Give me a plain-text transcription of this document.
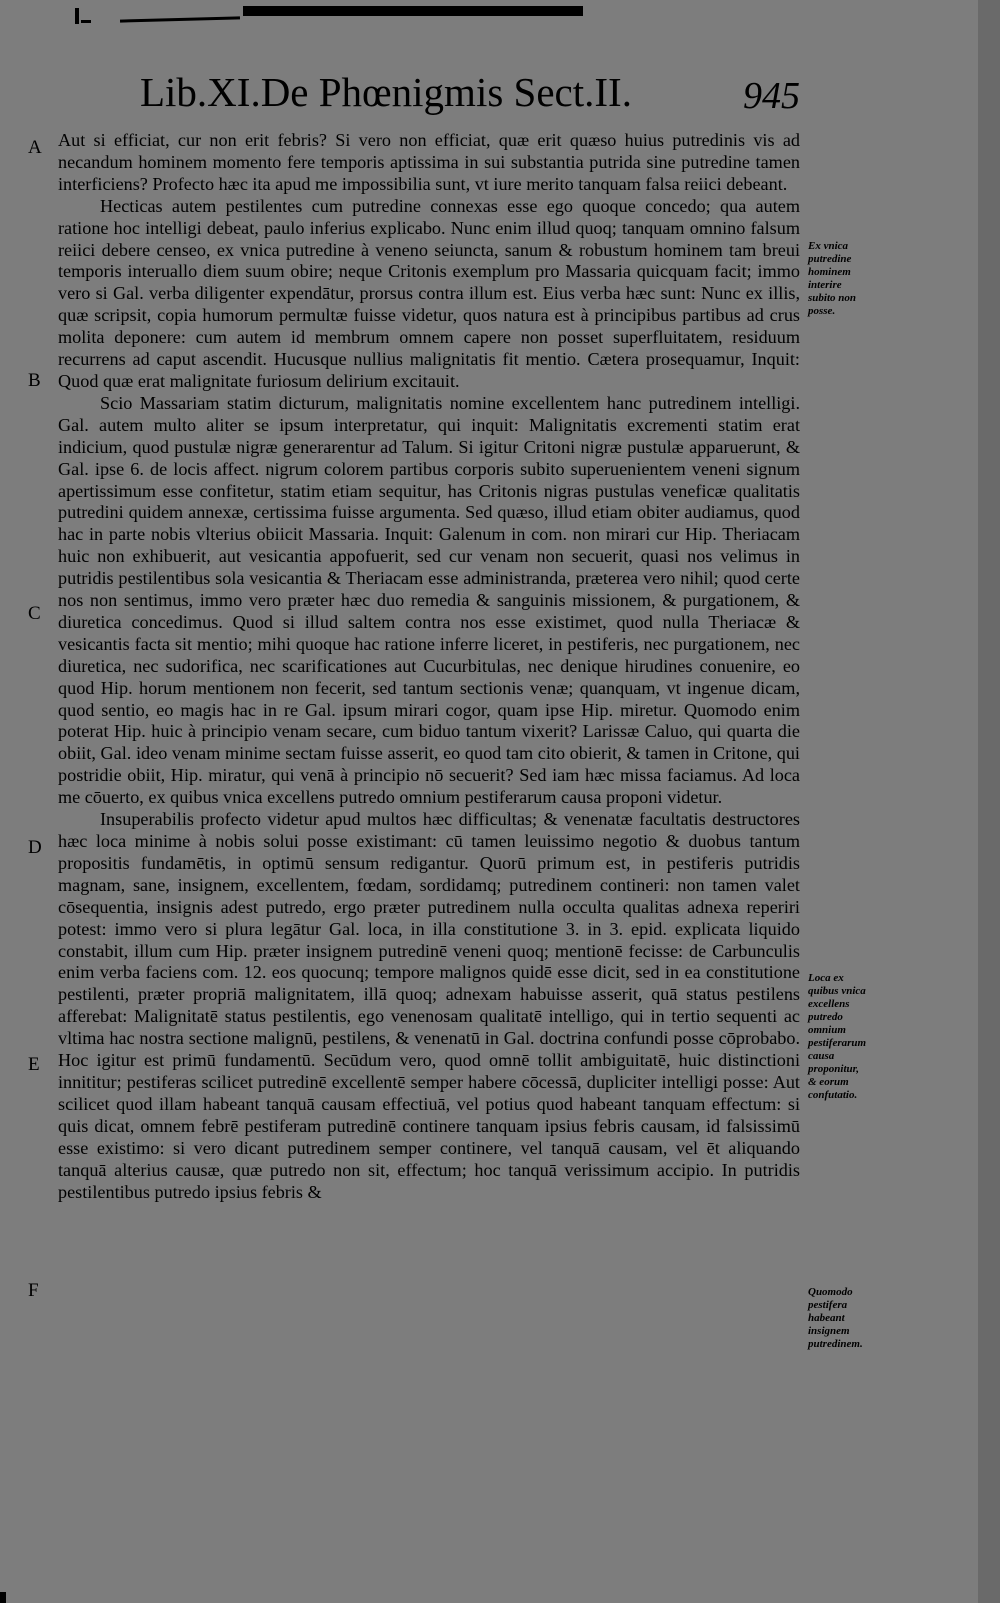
Lib.XI.De Phœnigmis Sect.II.	945
A
B
C
D
E
F

Aut si efficiat, cur non erit febris? Si vero non efficiat, quæ erit quæso huius putredinis vis ad necandum hominem momento fere temporis aptissima in sui substantia putrida sine putredine tamen interficiens? Profecto hæc ita apud me impossibilia sunt, vt iure merito tanquam falsa reiici debeant.

Hecticas autem pestilentes cum putredine connexas esse ego quoque concedo; qua autem ratione hoc intelligi debeat, paulo inferius explicabo. Nunc enim illud quoq; tanquam omnino falsum reiici debere censeo, ex vnica putredine à veneno seiuncta, sanum & robustum hominem tam breui temporis interuallo diem suum obire; neque Critonis exemplum pro Massaria quicquam facit; immo vero si Gal. verba diligenter expendātur, prorsus contra illum est. Eius verba hæc sunt: Nunc ex illis, quæ scripsit, copia humorum permultæ fuisse videtur, quos natura est à principibus partibus ad crus molita deponere: cum autem id membrum omnem capere non posset superfluitatem, residuum recurrens ad caput ascendit. Hucusque nullius malignitatis fit mentio. Cætera prosequamur, Inquit: Quod quæ erat malignitate furiosum delirium excitauit.

Scio Massariam statim dicturum, malignitatis nomine excellentem hanc putredinem intelligi. Gal. autem multo aliter se ipsum interpretatur, qui inquit: Malignitatis excrementi statim erat indicium, quod pustulæ nigræ generarentur ad Talum. Si igitur Critoni nigræ pustulæ apparuerunt, & Gal. ipse 6. de locis affect. nigrum colorem partibus corporis subito superuenientem veneni signum apertissimum esse confitetur, statim etiam sequitur, has Critonis nigras pustulas veneficæ qualitatis putredini quidem annexæ, certissima fuisse argumenta. Sed quæso, illud etiam obiter audiamus, quod hac in parte nobis vlterius obiicit Massaria. Inquit: Galenum in com. non mirari cur Hip. Theriacam huic non exhibuerit, aut vesicantia appofuerit, sed cur venam non secuerit, quasi nos velimus in putridis pestilentibus sola vesicantia & Theriacam esse administranda, præterea vero nihil; quod certe nos non sentimus, immo vero præter hæc duo remedia & sanguinis missionem, & purgationem, & diuretica concedimus. Quod si illud saltem contra nos esse existimet, quod nulla Theriacæ & vesicantis facta sit mentio; mihi quoque hac ratione inferre liceret, in pestiferis, nec purgationem, nec diuretica, nec sudorifica, nec scarificationes aut Cucurbitulas, nec denique hirudines conuenire, eo quod Hip. horum mentionem non fecerit, sed tantum sectionis venæ; quanquam, vt ingenue dicam, quod sentio, eo magis hac in re Gal. ipsum mirari cogor, quam ipse Hip. miretur. Quomodo enim poterat Hip. huic à principio venam secare, cum biduo tantum vixerit? Larissæ Caluo, qui quarta die obiit, Gal. ideo venam minime sectam fuisse asserit, eo quod tam cito obierit, & tamen in Critone, qui postridie obiit, Hip. miratur, qui venā à principio nō secuerit? Sed iam hæc missa faciamus. Ad loca me cōuerto, ex quibus vnica excellens putredo omnium pestiferarum causa proponi videtur.

Insuperabilis profecto videtur apud multos hæc difficultas; & venenatæ facultatis destructores hæc loca minime à nobis solui posse existimant: cū tamen leuissimo negotio & duobus tantum propositis fundamētis, in optimū sensum redigantur. Quorū primum est, in pestiferis putridis magnam, sane, insignem, excellentem, fœdam, sordidamq; putredinem contineri: non tamen valet cōsequentia, insignis adest putredo, ergo præter putredinem nulla occulta qualitas adnexa reperiri potest: immo vero si plura legātur Gal. loca, in illa constitutione 3. in 3. epid. explicata liquido constabit, illum cum Hip. præter insignem putredinē veneni quoq; mentionē fecisse: de Carbunculis enim verba faciens com. 12. eos quocunq; tempore malignos quidē esse dicit, sed in ea constitutione pestilenti, præter propriā malignitatem, illā quoq; adnexam habuisse asserit, quā status pestilens afferebat: Malignitatē status pestilentis, ego venenosam qualitatē intelligo, qui in tertio sequenti ac vltima hac nostra sectione malignū, pestilens, & venenatū in Gal. doctrina confundi posse cōprobabo. Hoc igitur est primū fundamentū. Secūdum vero, quod omnē tollit ambiguitatē, huic distinctioni innititur; pestiferas scilicet putredinē excellentē semper habere cōcessā, dupliciter intelligi posse: Aut scilicet quod illam habeant tanquā causam effectiuā, vel potius quod habeant tanquam effectum: si quis dicat, omnem febrē pestiferam putredinē continere tanquam ipsius febris causam, id falsissimū esse existimo: si vero dicant putredinem semper continere, vel tanquā causam, vel ēt aliquando tanquā alterius causæ, quæ putredo non sit, effectum; hoc tanquā verissimum accipio. In putridis pestilentibus putredo ipsius febris &

Ex vnica putredine hominem interire subito non posse.
Loca ex quibus vnica excellens putredo omnium pestiferarum causa proponitur, & eorum confutatio.
Quomodo pestifera habeant insignem putredinem.
